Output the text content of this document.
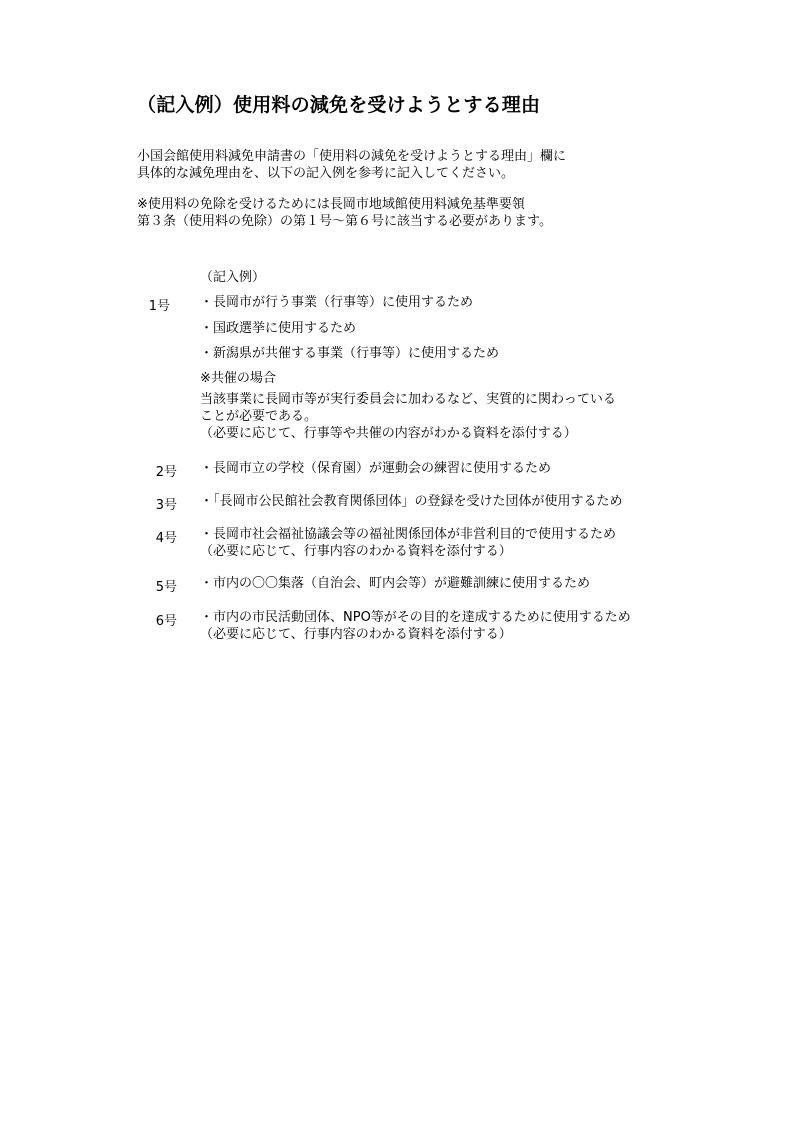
（記入例）使用料の減免を受けようとする理由

小国会館使用料減免申請書の「使用料の減免を受けようとする理由」欄に

具体的な減免理由を、以下の記入例を参考に記入してください。

※使用料の免除を受けるためには長岡市地域館使用料減免基準要領

第３条（使用料の免除）の第１号～第６号に該当する必要があります。

（記入例）
1号 ・長岡市が行う事業（行事等）に使用するため
・国政選挙に使用するため
・新潟県が共催する事業（行事等）に使用するため
※共催の場合

当該事業に長岡市等が実行委員会に加わるなど、実質的に関わっている

ことが必要である。

（必要に応じて、行事等や共催の内容がわかる資料を添付する）

2号 ・長岡市立の学校（保育園）が運動会の練習に使用するため
3号 ・「長岡市公民館社会教育関係団体」の登録を受けた団体が使用するため
4号 ・長岡市社会福祉協議会等の福祉関係団体が非営利目的で使用するため

（必要に応じて、行事内容のわかる資料を添付する）

5号 ・市内の〇〇集落（自治会、町内会等）が避難訓練に使用するため
6号 ・市内の市民活動団体、NPO等がその目的を達成するために使用するため

（必要に応じて、行事内容のわかる資料を添付する）
